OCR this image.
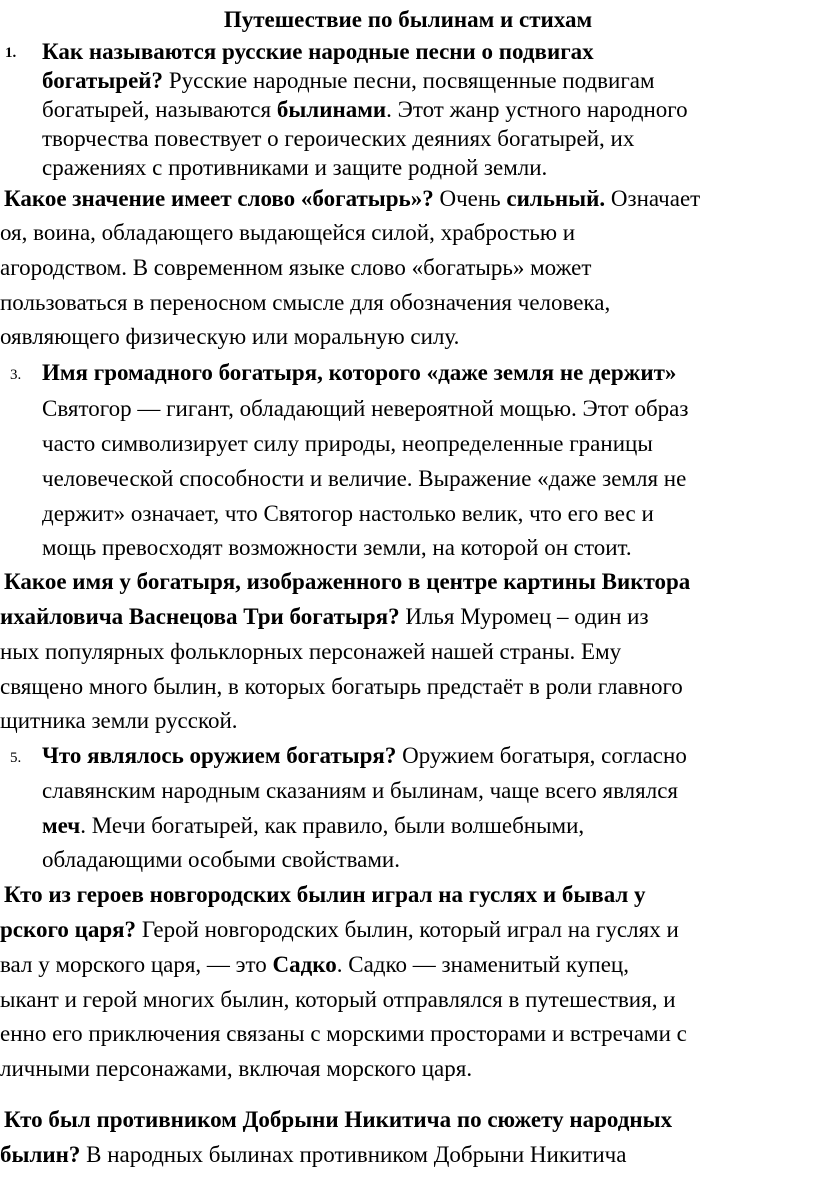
Путешествие по былинам и стихам
1. Как называются русские народные песни о подвигах
богатырей? Русские народные песни, посвященные подвигам
богатырей, называются былинами. Этот жанр устного народного
творчества повествует о героических деяниях богатырей, их
сражениях с противниками и защите родной земли.
Какое значение имеет слово «богатырь»? Очень сильный. Означает
оя, воина, обладающего выдающейся силой, храбростью и
агородством. В современном языке слово «богатырь» может
пользоваться в переносном смысле для обозначения человека,
оявляющего физическую или моральную силу.
3. Имя громадного богатыря, которого «даже земля не держит»
Святогор — гигант, обладающий невероятной мощью. Этот образ
часто символизирует силу природы, неопределенные границы
человеческой способности и величие. Выражение «даже земля не
держит» означает, что Святогор настолько велик, что его вес и
мощь превосходят возможности земли, на которой он стоит.
Какое имя у богатыря, изображенного в центре картины Виктора
ихайловича Васнецова Три богатыря? Илья Муромец – один из
ных популярных фольклорных персонажей нашей страны. Ему
священо много былин, в которых богатырь предстаёт в роли главного
щитника земли русской.
5. Что являлось оружием богатыря? Оружием богатыря, согласно
славянским народным сказаниям и былинам, чаще всего являлся
меч. Мечи богатырей, как правило, были волшебными,
обладающими особыми свойствами.
Кто из героев новгородских былин играл на гуслях и бывал у
рского царя? Герой новгородских былин, который играл на гуслях и
вал у морского царя, — это Садко. Садко — знаменитый купец,
ыкант и герой многих былин, который отправлялся в путешествия, и
енно его приключения связаны с морскими просторами и встречами с
личными персонажами, включая морского царя.
Кто был противником Добрыни Никитича по сюжету народных
былин? В народных былинах противником Добрыни Никитича
